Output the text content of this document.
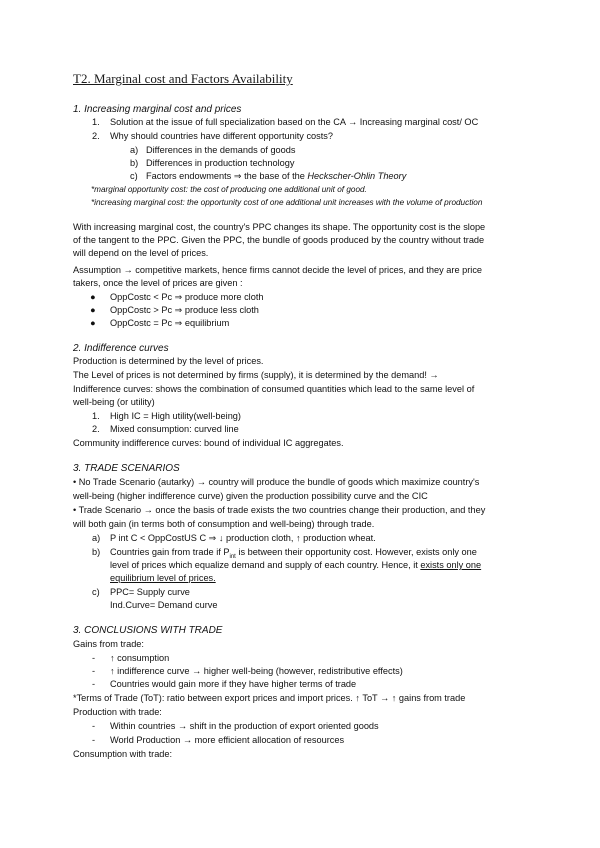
T2. Marginal cost and Factors Availability
1. Increasing marginal cost and prices
1. Solution at the issue of full specialization based on the CA → Increasing marginal cost/ OC
2. Why should countries have different opportunity costs?
a) Differences in the demands of goods
b) Differences in production technology
c) Factors endowments ⇒ the base of the Heckscher-Ohlin Theory
*marginal opportunity cost: the cost of producing one additional unit of good.
*increasing marginal cost: the opportunity cost of one additional unit increases with the volume of production
With increasing marginal cost, the country's PPC changes its shape. The opportunity cost is the slope
of the tangent to the PPC. Given the PPC, the bundle of goods produced by the country without trade
will depend on the level of prices.
Assumption → competitive markets, hence firms cannot decide the level of prices, and they are price
takers, once the level of prices are given :
● OppCostc < Pc ⇒ produce more cloth
● OppCostc > Pc ⇒ produce less cloth
● OppCostc = Pc ⇒ equilibrium
2. Indifference curves
Production is determined by the level of prices.
The Level of prices is not determined by firms (supply), it is determined by the demand! →
Indifference curves: shows the combination of consumed quantities which lead to the same level of
well-being (or utility)
1. High IC = High utility(well-being)
2. Mixed consumption: curved line
Community indifference curves: bound of individual IC aggregates.
3. TRADE SCENARIOS
• No Trade Scenario (autarky) → country will produce the bundle of goods which maximize country's
well-being (higher indifference curve) given the production possibility curve and the CIC
• Trade Scenario → once the basis of trade exists the two countries change their production, and they
will both gain (in terms both of consumption and well-being) through trade.
a) P int C < OppCostUS C ⇒ ↓ production cloth, ↑ production wheat.
b) Countries gain from trade if $P_{int}$ is between their opportunity cost. However, exists only one
level of prices which equalize demand and supply of each country. Hence, it exists only one
equilibrium level of prices.
c) PPC= Supply curve
Ind.Curve= Demand curve
3. CONCLUSIONS WITH TRADE
Gains from trade:
- ↑ consumption
- ↑ indifference curve → higher well-being (however, redistributive effects)
- Countries would gain more if they have higher terms of trade
*Terms of Trade (ToT): ratio between export prices and import prices. ↑ ToT → ↑ gains from trade
Production with trade:
- Within countries → shift in the production of export oriented goods
- World Production → more efficient allocation of resources
Consumption with trade:
